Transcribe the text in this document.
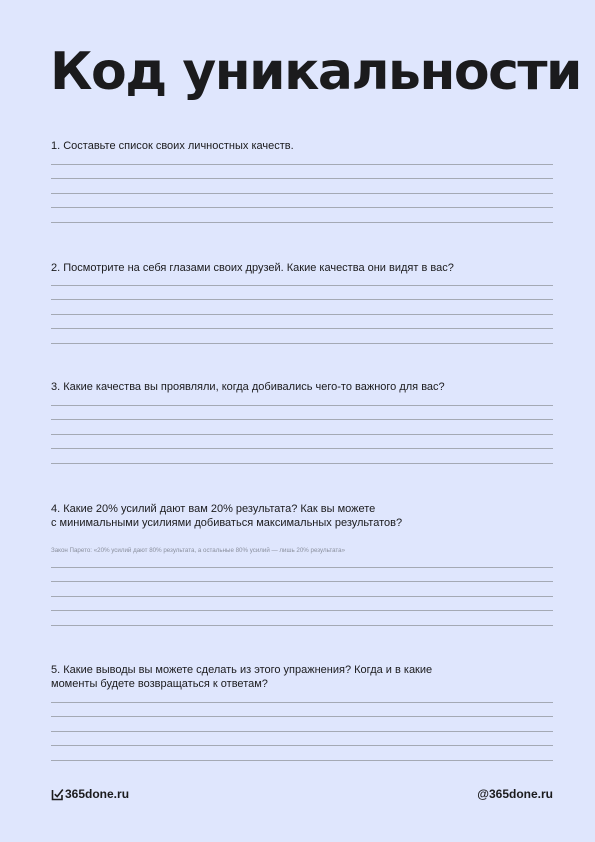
Код уникальности

1. Составьте список своих личностных качеств.

2. Посмотрите на себя глазами своих друзей. Какие качества они видят в вас?

3. Какие качества вы проявляли, когда добивались чего-то важного для вас?

4. Какие 20% усилий дают вам 20% результата? Как вы можете
с минимальными усилиями добиваться максимальных результатов?

Закон Парето: «20% усилий дают 80% результата, а остальные 80% усилий — лишь 20% результата»

5. Какие выводы вы можете сделать из этого упражнения? Когда и в какие
моменты будете возвращаться к ответам?

365done.ru	@365done.ru
